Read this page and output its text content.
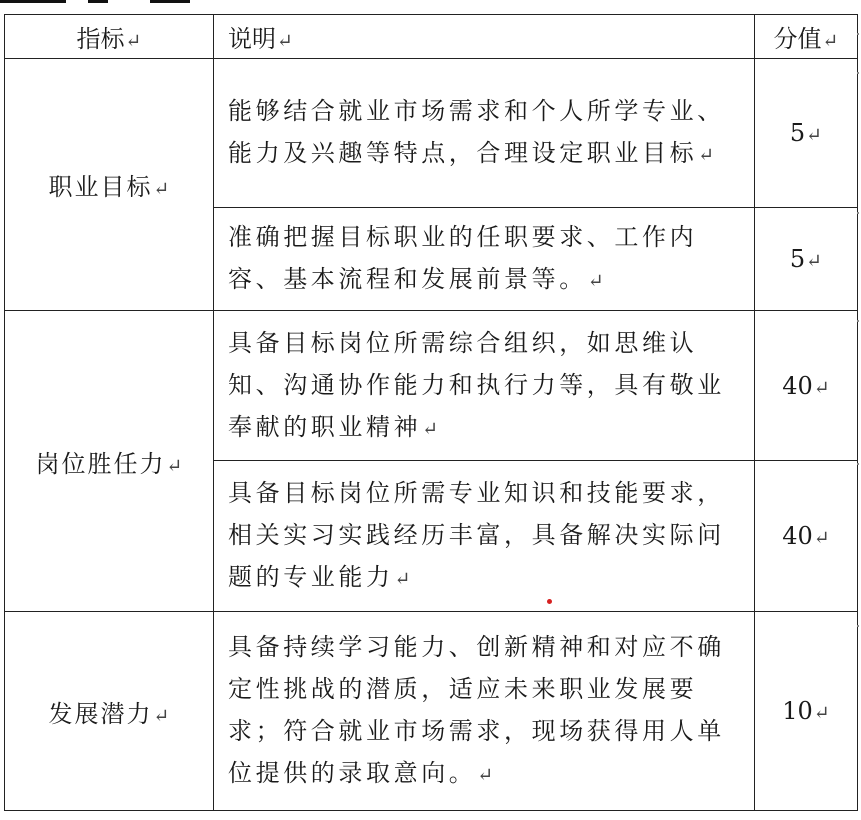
指标↵	说明↵	分值↵
职业目标↵	能够结合就业市场需求和个人所学专业、能力及兴趣等特点，合理设定职业目标↵	5↵
	准确把握目标职业的任职要求、工作内容、基本流程和发展前景等。↵	5↵
岗位胜任力↵	具备目标岗位所需综合组织，如思维认知、沟通协作能力和执行力等，具有敬业奉献的职业精神↵	40↵
	具备目标岗位所需专业知识和技能要求，相关实习实践经历丰富，具备解决实际问题的专业能力↵	40↵
发展潜力↵	具备持续学习能力、创新精神和对应不确定性挑战的潜质，适应未来职业发展要求；符合就业市场需求，现场获得用人单位提供的录取意向。↵	10↵
